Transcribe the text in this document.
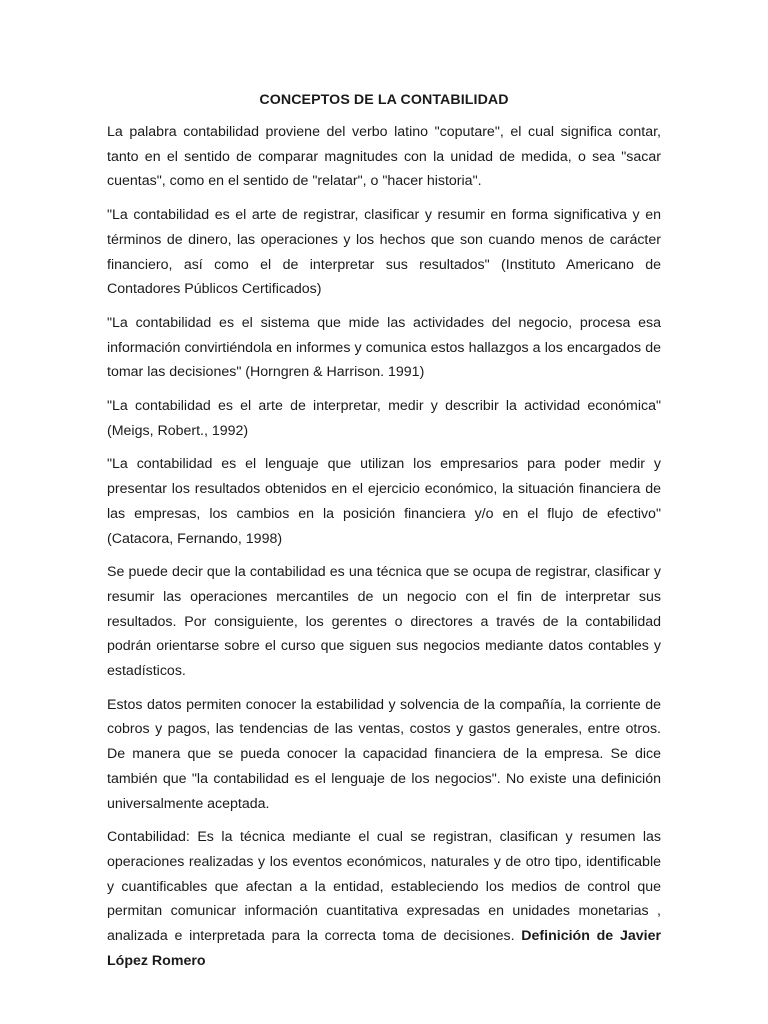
CONCEPTOS DE LA CONTABILIDAD

La palabra contabilidad proviene del verbo latino "coputare", el cual significa contar, tanto en el sentido de comparar magnitudes con la unidad de medida, o sea "sacar cuentas", como en el sentido de "relatar", o "hacer historia".

"La contabilidad es el arte de registrar, clasificar y resumir en forma significativa y en términos de dinero, las operaciones y los hechos que son cuando menos de carácter financiero, así como el de interpretar sus resultados" (Instituto Americano de Contadores Públicos Certificados)

"La contabilidad es el sistema que mide las actividades del negocio, procesa esa información convirtiéndola en informes y comunica estos hallazgos a los encargados de tomar las decisiones" (Horngren & Harrison. 1991)

"La contabilidad es el arte de interpretar, medir y describir la actividad económica" (Meigs, Robert., 1992)

"La contabilidad es el lenguaje que utilizan los empresarios para poder medir y presentar los resultados obtenidos en el ejercicio económico, la situación financiera de las empresas, los cambios en la posición financiera y/o en el flujo de efectivo" (Catacora, Fernando, 1998)

Se puede decir que la contabilidad es una técnica que se ocupa de registrar, clasificar y resumir las operaciones mercantiles de un negocio con el fin de interpretar sus resultados. Por consiguiente, los gerentes o directores a través de la contabilidad podrán orientarse sobre el curso que siguen sus negocios mediante datos contables y estadísticos.

Estos datos permiten conocer la estabilidad y solvencia de la compañía, la corriente de cobros y pagos, las tendencias de las ventas, costos y gastos generales, entre otros. De manera que se pueda conocer la capacidad financiera de la empresa. Se dice también que "la contabilidad es el lenguaje de los negocios". No existe una definición universalmente aceptada.

Contabilidad: Es la técnica mediante el cual se registran, clasifican y resumen las operaciones realizadas y los eventos económicos, naturales y de otro tipo, identificable y cuantificables que afectan a la entidad, estableciendo los medios de control que permitan comunicar información cuantitativa expresadas en unidades monetarias , analizada e interpretada para la correcta toma de decisiones. Definición de Javier López Romero
